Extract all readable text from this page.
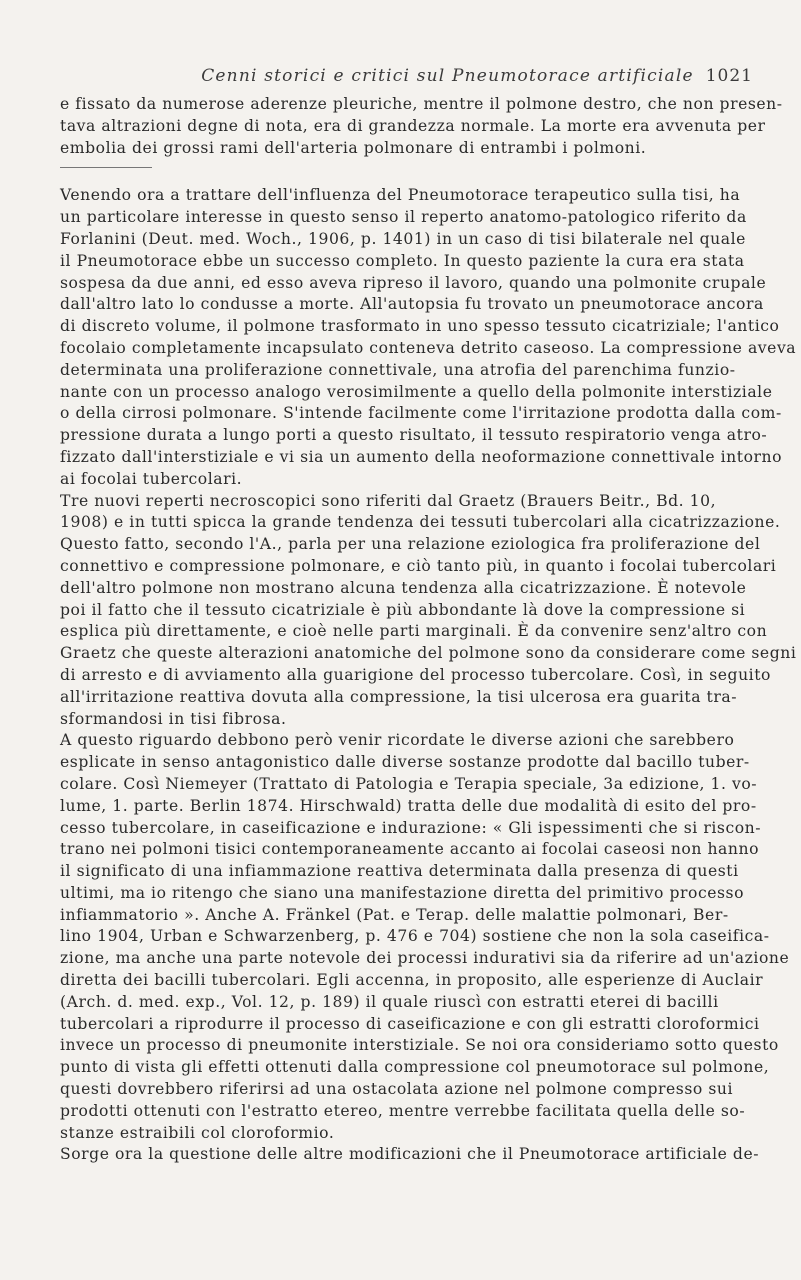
Cenni storici e critici sul Pneumotorace artificiale 1021
e fissato da numerose aderenze pleuriche, mentre il polmone destro, che non presen-
tava altrazioni degne di nota, era di grandezza normale. La morte era avvenuta per
embolia dei grossi rami dell'arteria polmonare di entrambi i polmoni.
Venendo ora a trattare dell'influenza del Pneumotorace terapeutico sulla tisi, ha
un particolare interesse in questo senso il reperto anatomo-patologico riferito da
Forlanini (Deut. med. Woch., 1906, p. 1401) in un caso di tisi bilaterale nel quale
il Pneumotorace ebbe un successo completo. In questo paziente la cura era stata
sospesa da due anni, ed esso aveva ripreso il lavoro, quando una polmonite crupale
dall'altro lato lo condusse a morte. All'autopsia fu trovato un pneumotorace ancora
di discreto volume, il polmone trasformato in uno spesso tessuto cicatriziale; l'antico
focolaio completamente incapsulato conteneva detrito caseoso. La compressione aveva
determinata una proliferazione connettivale, una atrofia del parenchima funzio-
nante con un processo analogo verosimilmente a quello della polmonite interstiziale
o della cirrosi polmonare. S'intende facilmente come l'irritazione prodotta dalla com-
pressione durata a lungo porti a questo risultato, il tessuto respiratorio venga atro-
fizzato dall'interstiziale e vi sia un aumento della neoformazione connettivale intorno
ai focolai tubercolari.
Tre nuovi reperti necroscopici sono riferiti dal Graetz (Brauers Beitr., Bd. 10,
1908) e in tutti spicca la grande tendenza dei tessuti tubercolari alla cicatrizzazione.
Questo fatto, secondo l'A., parla per una relazione eziologica fra proliferazione del
connettivo e compressione polmonare, e ciò tanto più, in quanto i focolai tubercolari
dell'altro polmone non mostrano alcuna tendenza alla cicatrizzazione. È notevole
poi il fatto che il tessuto cicatriziale è più abbondante là dove la compressione si
esplica più direttamente, e cioè nelle parti marginali. È da convenire senz'altro con
Graetz che queste alterazioni anatomiche del polmone sono da considerare come segni
di arresto e di avviamento alla guarigione del processo tubercolare. Così, in seguito
all'irritazione reattiva dovuta alla compressione, la tisi ulcerosa era guarita tra-
sformandosi in tisi fibrosa.
A questo riguardo debbono però venir ricordate le diverse azioni che sarebbero
esplicate in senso antagonistico dalle diverse sostanze prodotte dal bacillo tuber-
colare. Così Niemeyer (Trattato di Patologia e Terapia speciale, 3a edizione, 1. vo-
lume, 1. parte. Berlin 1874. Hirschwald) tratta delle due modalità di esito del pro-
cesso tubercolare, in caseificazione e indurazione: « Gli ispessimenti che si riscon-
trano nei polmoni tisici contemporaneamente accanto ai focolai caseosi non hanno
il significato di una infiammazione reattiva determinata dalla presenza di questi
ultimi, ma io ritengo che siano una manifestazione diretta del primitivo processo
infiammatorio ». Anche A. Fränkel (Pat. e Terap. delle malattie polmonari, Ber-
lino 1904, Urban e Schwarzenberg, p. 476 e 704) sostiene che non la sola caseifica-
zione, ma anche una parte notevole dei processi indurativi sia da riferire ad un'azione
diretta dei bacilli tubercolari. Egli accenna, in proposito, alle esperienze di Auclair
(Arch. d. med. exp., Vol. 12, p. 189) il quale riuscì con estratti eterei di bacilli
tubercolari a riprodurre il processo di caseificazione e con gli estratti cloroformici
invece un processo di pneumonite interstiziale. Se noi ora consideriamo sotto questo
punto di vista gli effetti ottenuti dalla compressione col pneumotorace sul polmone,
questi dovrebbero riferirsi ad una ostacolata azione nel polmone compresso sui
prodotti ottenuti con l'estratto etereo, mentre verrebbe facilitata quella delle so-
stanze estraibili col cloroformio.
Sorge ora la questione delle altre modificazioni che il Pneumotorace artificiale de-
